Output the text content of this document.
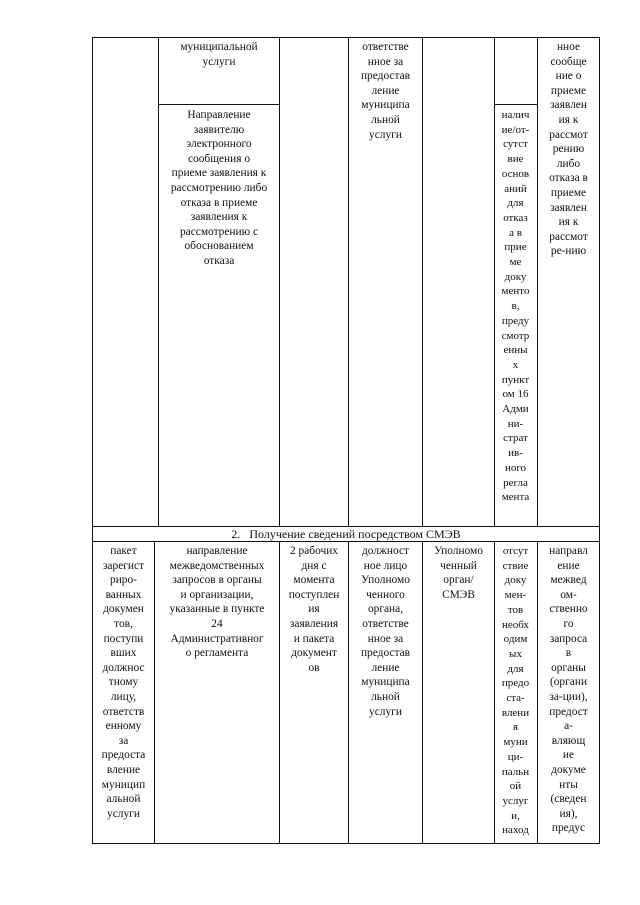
муниципальной
услуги
Направление
заявителю
электронного
сообщения о
приеме заявления к
рассмотрению либо
отказа в приеме
заявления к
рассмотрению с
обоснованием
отказа
ответстве
нное за
предостав
ление
муниципа
льной
услуги
налич
ие/от-
сутст
вие
основ
аний
для
отказ
а в
прие
ме
доку
менто
в,
преду
смотр
енны
х
пункт
ом 16
Адми
ни-
страт
ив-
ного
регла
мента
нное
сообще
ние о
приеме
заявлен
ия к
рассмот
рению
либо
отказа в
приеме
заявлен
ия к
рассмот
ре-нию
2. Получение сведений посредством СМЭВ
пакет
зарегист
риро-
ванных
докумен
тов,
поступи
вших
должнос
тному
лицу,
ответств
енному
за
предоста
вление
муницип
альной
услуги
направление
межведомственных
запросов в органы
и организации,
указанные в пункте
24
Административног
о регламента
2 рабочих
дня с
момента
поступлен
ия
заявления
и пакета
документ
ов
должност
ное лицо
Уполномо
ченного
органа,
ответстве
нное за
предостав
ление
муниципа
льной
услуги
Уполномо
ченный
орган/
СМЭВ
отсут
ствие
доку
мен-
тов
необх
одим
ых
для
предо
ста-
влени
я
муни
ци-
пальн
ой
услуг
и,
наход
направл
ение
межвед
ом-
ственно
го
запроса
в
органы
(органи
за-ции),
предост
а-
вляющ
ие
докуме
нты
(сведен
ия),
предус
